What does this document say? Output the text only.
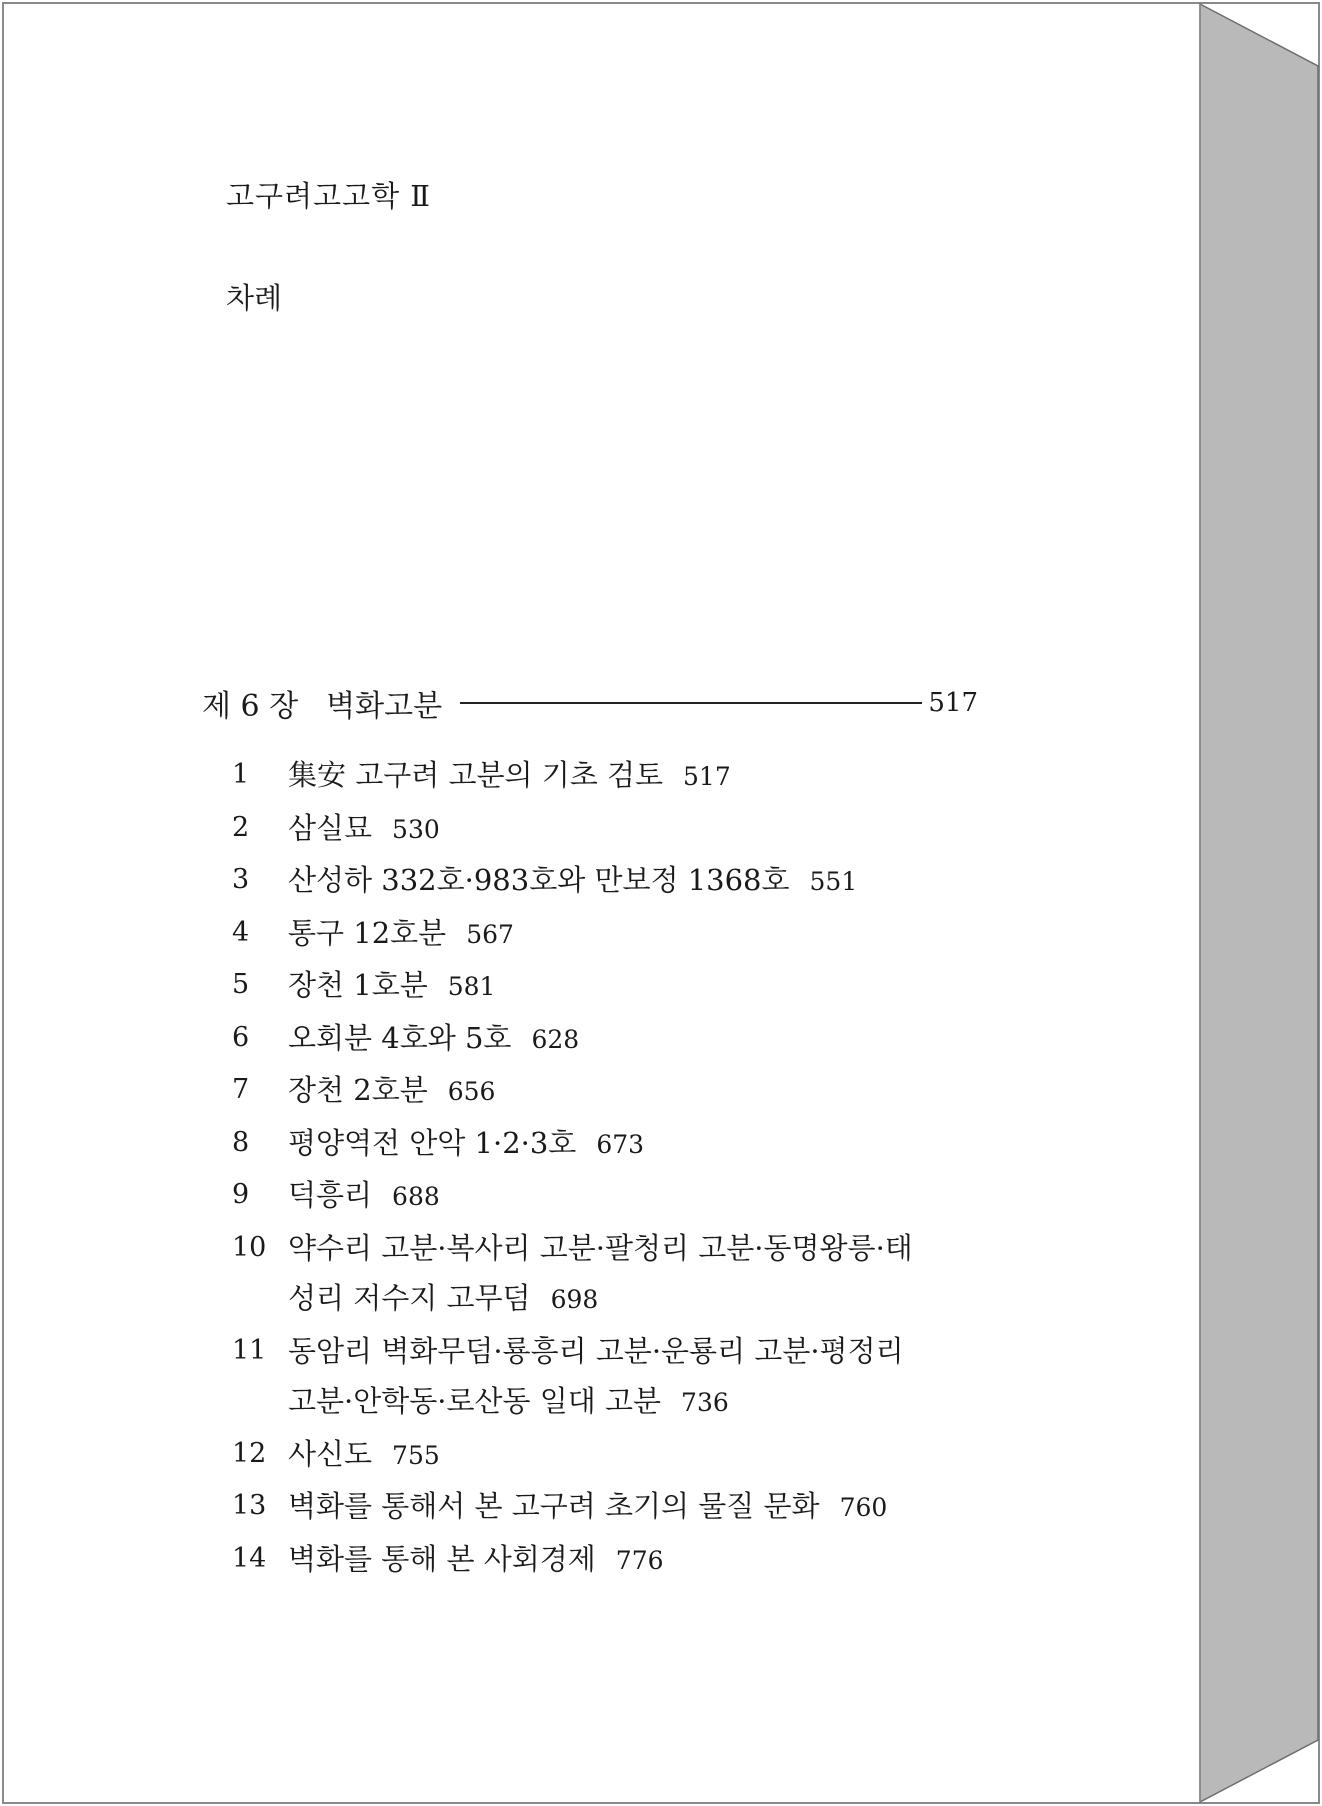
고구려고고학 Ⅱ
차례
제 6 장 벽화고분	517
1	集安 고구려 고분의 기초 검토 517
2	삼실묘 530
3	산성하 332호·983호와 만보정 1368호 551
4	통구 12호분 567
5	장천 1호분 581
6	오회분 4호와 5호 628
7	장천 2호분 656
8	평양역전 안악 1·2·3호 673
9	덕흥리 688
10 약수리 고분·복사리 고분·팔청리 고분·동명왕릉·태
성리 저수지 고무덤 698
11 동암리 벽화무덤·룡흥리 고분·운룡리 고분·평정리
고분·안학동·로산동 일대 고분 736
12 사신도 755
13 벽화를 통해서 본 고구려 초기의 물질 문화 760
14 벽화를 통해 본 사회경제 776
